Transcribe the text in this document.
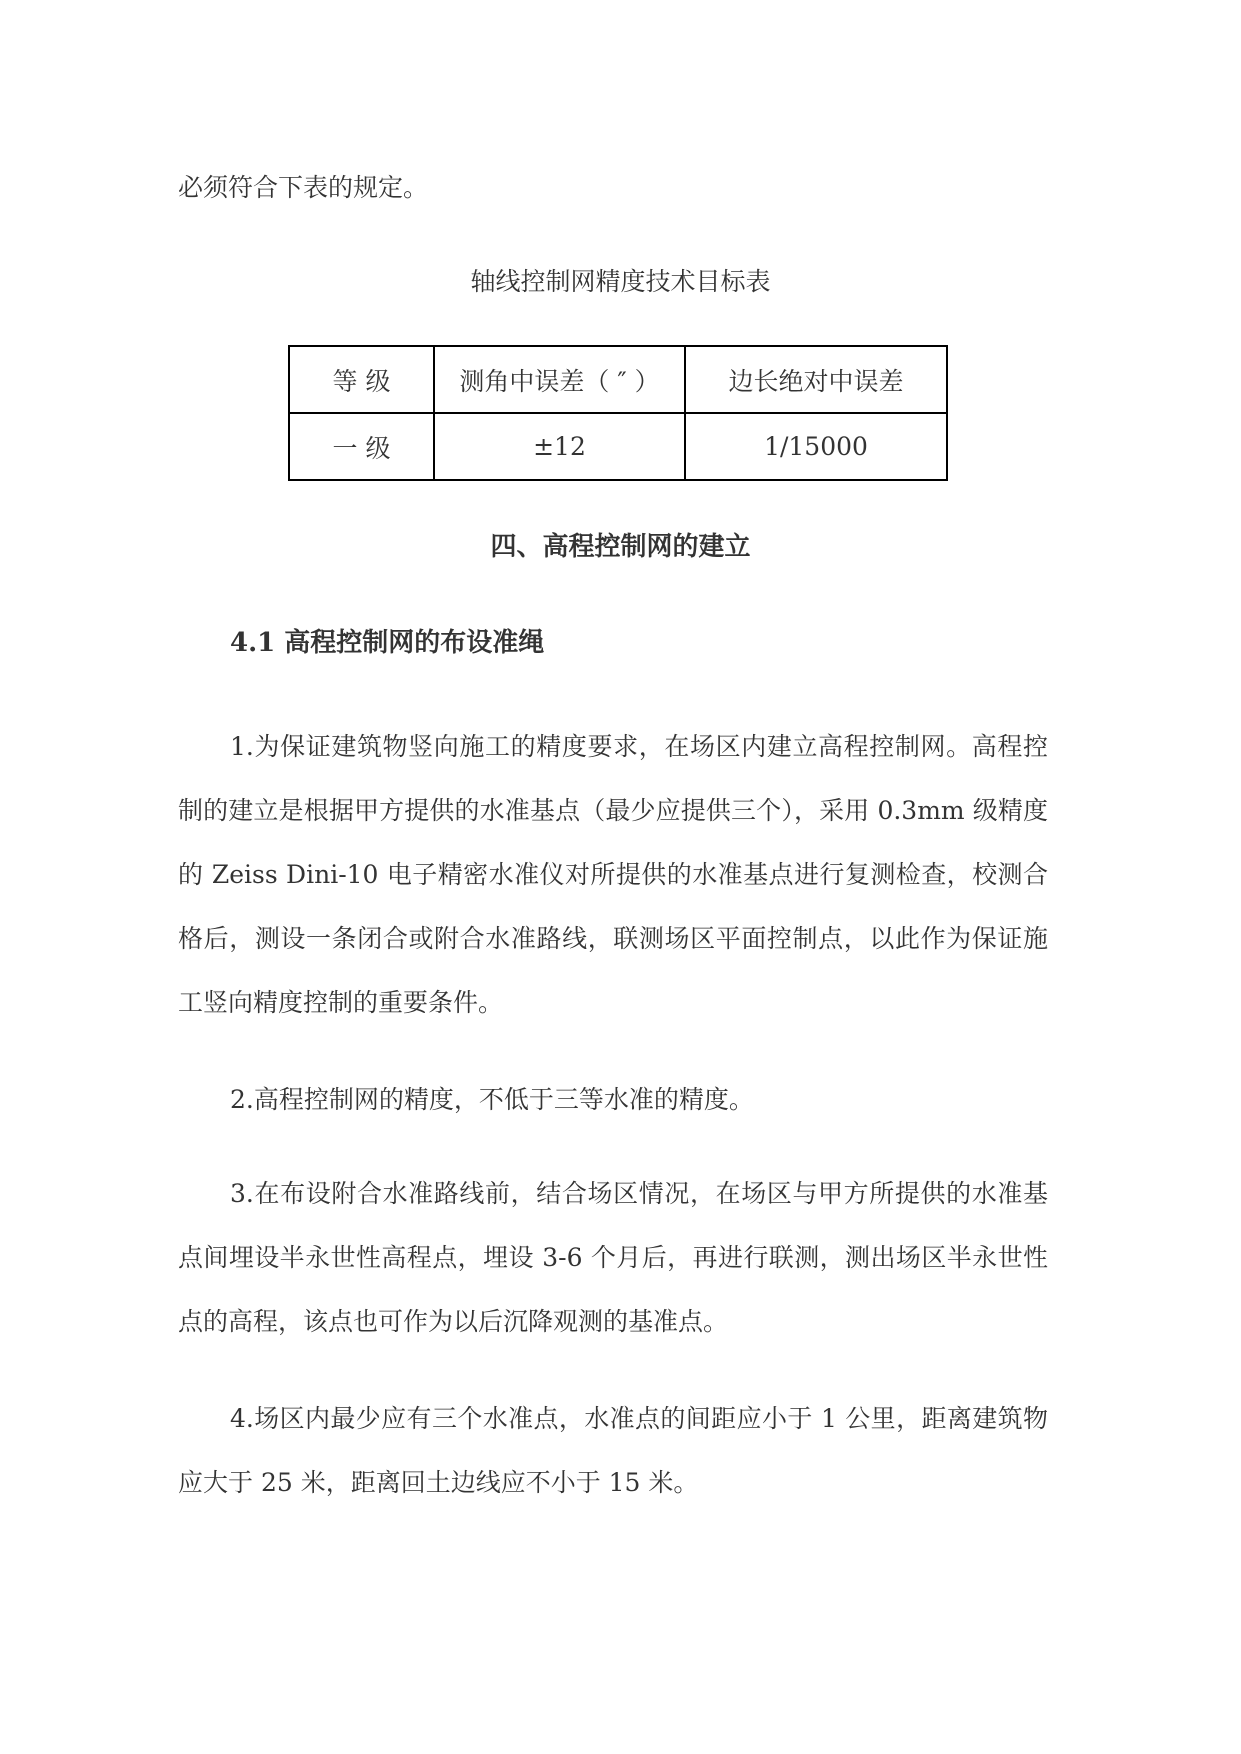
必须符合下表的规定。

轴线控制网精度技术目标表

等 级	测角中误差（ ″ ）	边长绝对中误差
一 级	±12	1/15000
四、高程控制网的建立
4.1 高程控制网的布设准绳

1.为保证建筑物竖向施工的精度要求，在场区内建立高程控制网。高程控制的建立是根据甲方提供的水准基点（最少应提供三个），采用 0.3mm 级精度的 Zeiss Dini-10 电子精密水准仪对所提供的水准基点进行复测检查，校测合格后，测设一条闭合或附合水准路线，联测场区平面控制点，以此作为保证施工竖向精度控制的重要条件。

2.高程控制网的精度，不低于三等水准的精度。

3.在布设附合水准路线前，结合场区情况，在场区与甲方所提供的水准基点间埋设半永世性高程点，埋设 3-6 个月后，再进行联测，测出场区半永世性点的高程，该点也可作为以后沉降观测的基准点。

4.场区内最少应有三个水准点，水准点的间距应小于 1 公里，距离建筑物应大于 25 米，距离回土边线应不小于 15 米。
